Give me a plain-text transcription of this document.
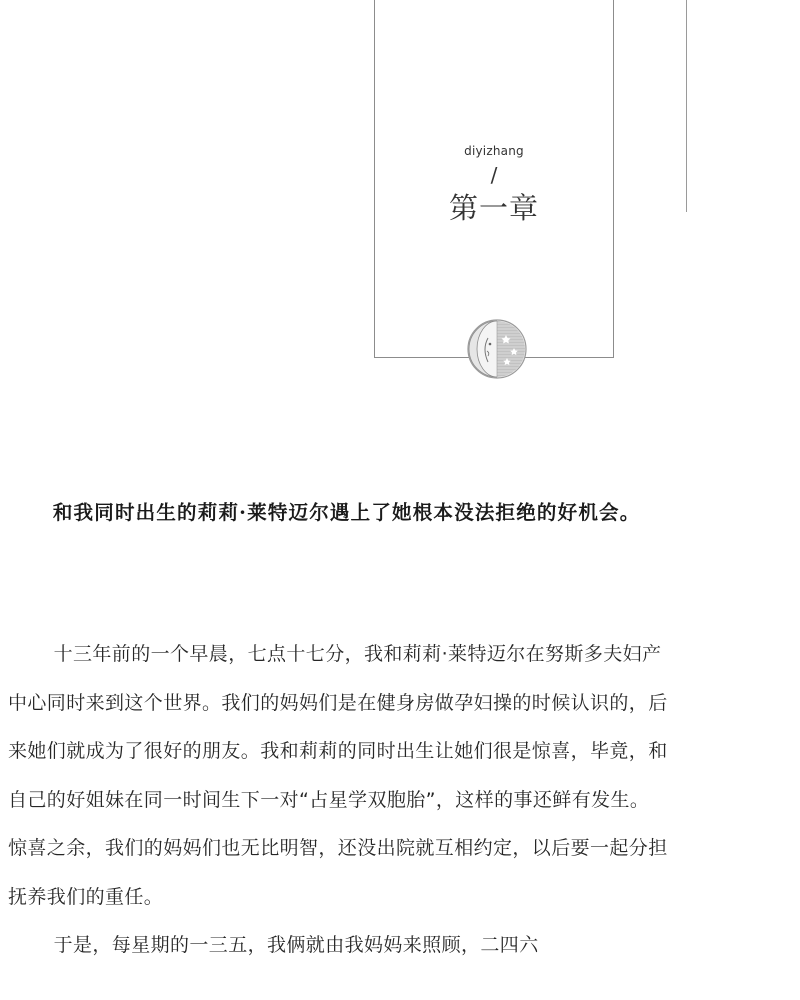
diyizhang
/
第一章

和我同时出生的莉莉·莱特迈尔遇上了她根本没法拒绝的好机会。

十三年前的一个早晨，七点十七分，我和莉莉·莱特迈尔在努斯多夫妇产中心同时来到这个世界。我们的妈妈们是在健身房做孕妇操的时候认识的，后来她们就成为了很好的朋友。我和莉莉的同时出生让她们很是惊喜，毕竟，和自己的好姐妹在同一时间生下一对“占星学双胞胎”，这样的事还鲜有发生。惊喜之余，我们的妈妈们也无比明智，还没出院就互相约定，以后要一起分担抚养我们的重任。

于是，每星期的一三五，我俩就由我妈妈来照顾，二四六
